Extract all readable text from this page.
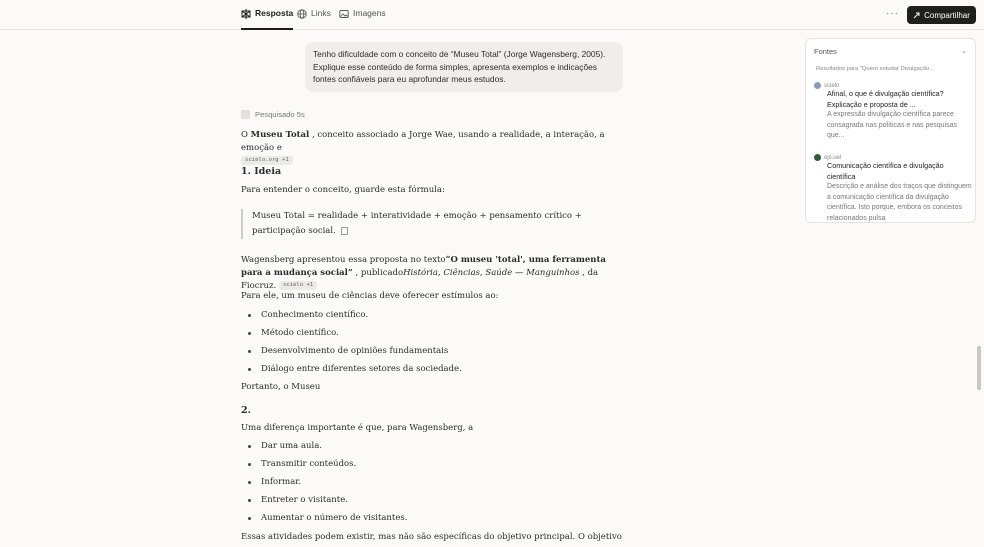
Resposta Links	Imagens	···	Compartilhar
Tenho dificuldade com o conceito de “Museu Total” (Jorge Wagensberg, 2005). Explique esse conteúdo de forma simples, apresenta exemplos e indicações fontes confiáveis para eu aprofundar meus estudos.
Pesquisado 5s
O Museu Total , conceito associado a Jorge Wae, usando a realidade, a interação, a emoção e
scielo.org +1
1. Ideia
Para entender o conceito, guarde esta fórmula:
Museu Total = realidade + interatividade + emoção + pensamento crítico + participação social.
Wagensberg apresentou essa proposta no texto“O museu 'total', uma ferramenta para a mudança social” , publicadoHistória, Ciências, Saúde — Manguinhos , da Fiocruz. scielo +1
Para ele, um museu de ciências deve oferecer estímulos ao:
Conhecimento científico.
Método científico.
Desenvolvimento de opiniões fundamentais
Diálogo entre diferentes setores da sociedade.
Portanto, o Museu
2.
Uma diferença importante é que, para Wagensberg, a
Dar uma aula.
Transmitir conteúdos.
Informar.
Entreter o visitante.
Aumentar o número de visitantes.
Essas atividades podem existir, mas não são específicas do objetivo principal. O objetivo
Fontes	⌄
Resultados para "Quero estudar Divulgação...
scielo
Afinal, o que é divulgação científica? Explicação e proposta de ...
A expressão divulgação científica parece consagrada nas políticas e nas pesquisas que...
ojs.uel
Comunicação científica e divulgação científica
Descrição e análise dos traços que distinguem a comunicação científica da divulgação científica. Isto porque, embora os conceitos relacionados pulsa
